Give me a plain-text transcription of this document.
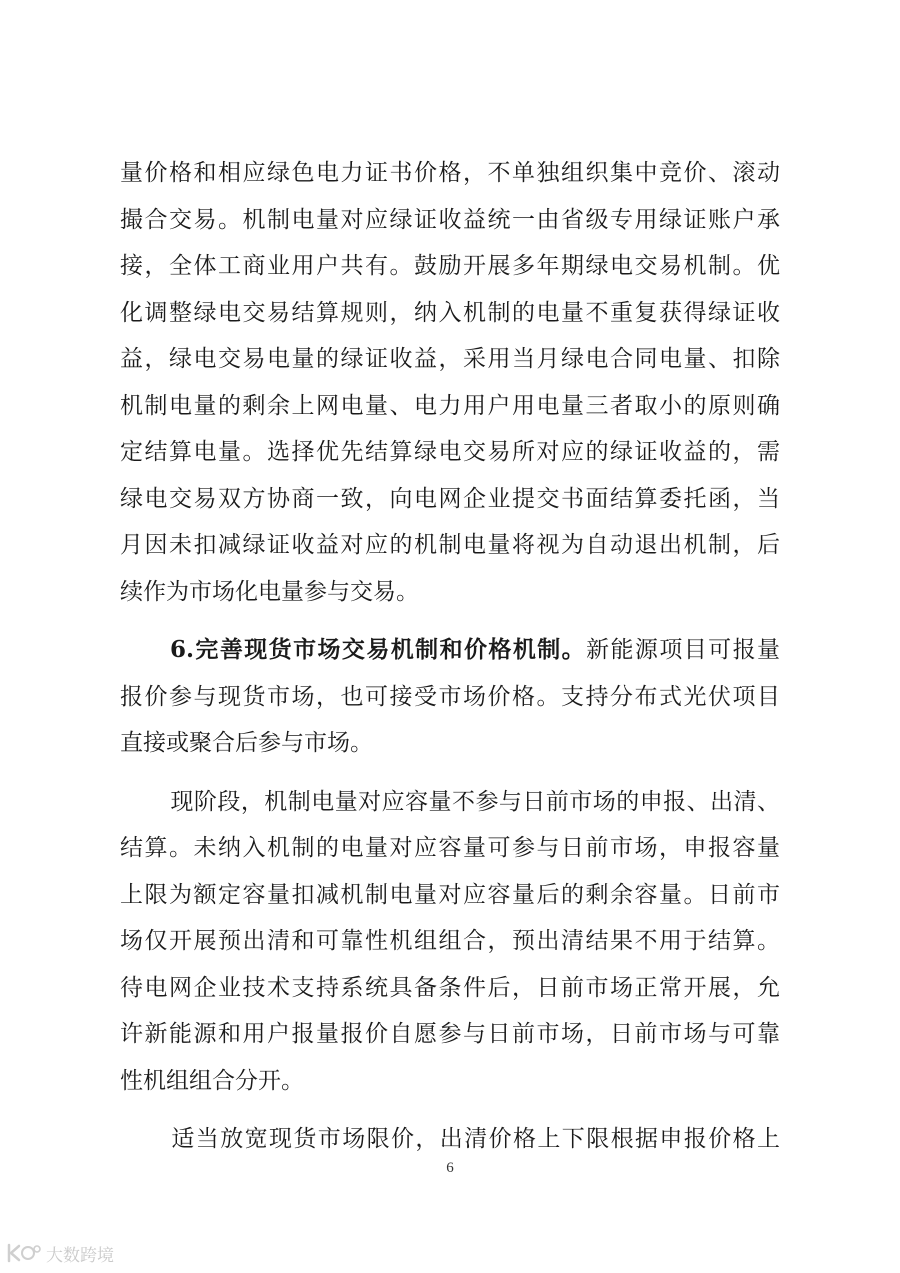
量价格和相应绿色电力证书价格，不单独组织集中竞价、滚动
撮合交易。机制电量对应绿证收益统一由省级专用绿证账户承
接，全体工商业用户共有。鼓励开展多年期绿电交易机制。优
化调整绿电交易结算规则，纳入机制的电量不重复获得绿证收
益，绿电交易电量的绿证收益，采用当月绿电合同电量、扣除
机制电量的剩余上网电量、电力用户用电量三者取小的原则确
定结算电量。选择优先结算绿电交易所对应的绿证收益的，需
绿电交易双方协商一致，向电网企业提交书面结算委托函，当
月因未扣减绿证收益对应的机制电量将视为自动退出机制，后
续作为市场化电量参与交易。
6.完善现货市场交易机制和价格机制。新能源项目可报量
报价参与现货市场，也可接受市场价格。支持分布式光伏项目
直接或聚合后参与市场。
现阶段，机制电量对应容量不参与日前市场的申报、出清、
结算。未纳入机制的电量对应容量可参与日前市场，申报容量
上限为额定容量扣减机制电量对应容量后的剩余容量。日前市
场仅开展预出清和可靠性机组组合，预出清结果不用于结算。
待电网企业技术支持系统具备条件后，日前市场正常开展，允
许新能源和用户报量报价自愿参与日前市场，日前市场与可靠
性机组组合分开。
适当放宽现货市场限价，出清价格上下限根据申报价格上
6
大数跨境
